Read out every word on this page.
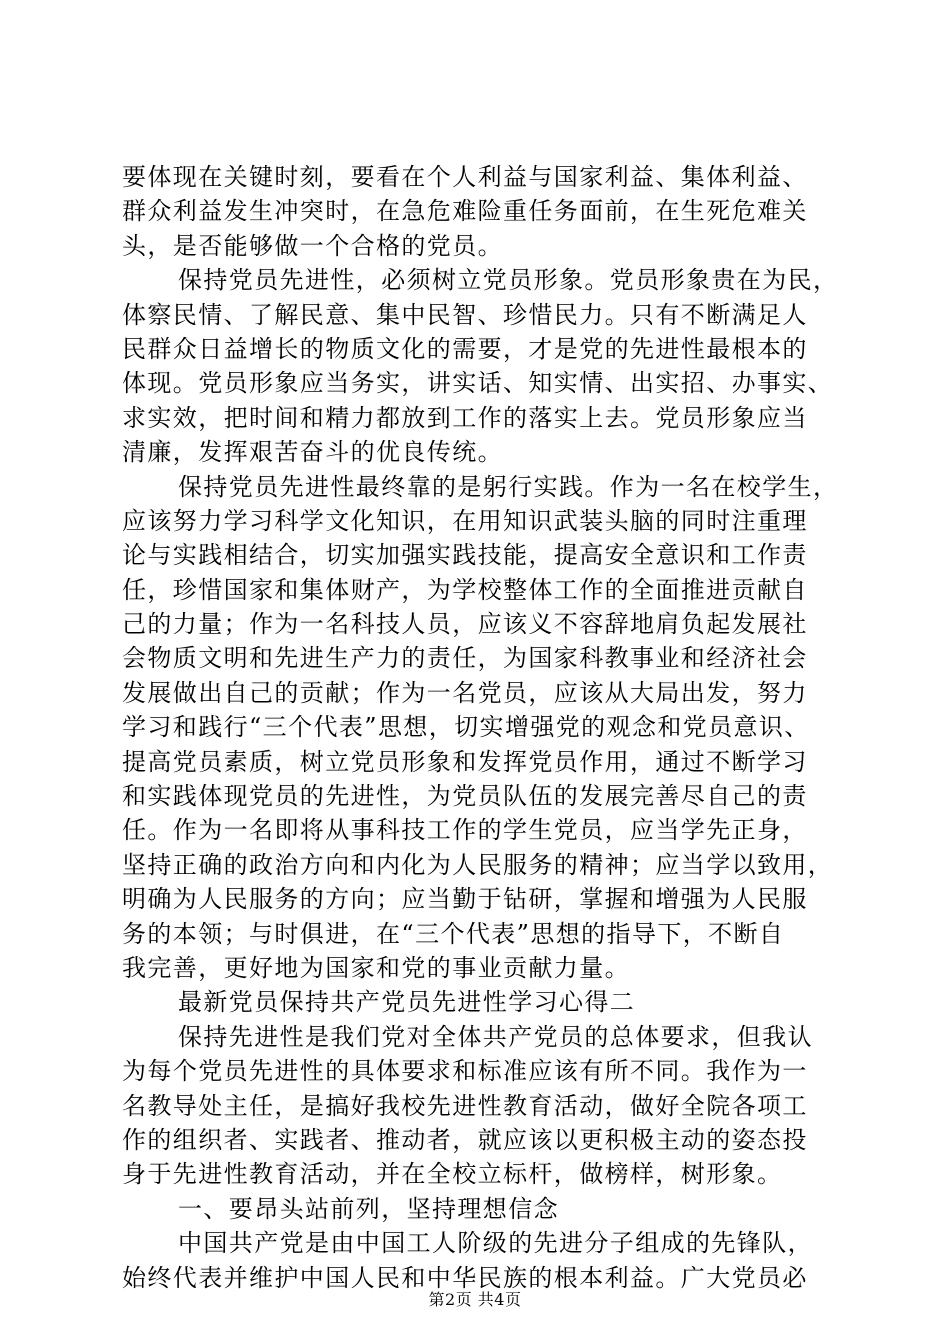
要体现在关键时刻，要看在个人利益与国家利益、集体利益、
群众利益发生冲突时，在急危难险重任务面前，在生死危难关
头，是否能够做一个合格的党员。
保持党员先进性，必须树立党员形象。党员形象贵在为民，
体察民情、了解民意、集中民智、珍惜民力。只有不断满足人
民群众日益增长的物质文化的需要，才是党的先进性最根本的
体现。党员形象应当务实，讲实话、知实情、出实招、办事实、
求实效，把时间和精力都放到工作的落实上去。党员形象应当
清廉，发挥艰苦奋斗的优良传统。
保持党员先进性最终靠的是躬行实践。作为一名在校学生，
应该努力学习科学文化知识，在用知识武装头脑的同时注重理
论与实践相结合，切实加强实践技能，提高安全意识和工作责
任，珍惜国家和集体财产，为学校整体工作的全面推进贡献自
己的力量；作为一名科技人员，应该义不容辞地肩负起发展社
会物质文明和先进生产力的责任，为国家科教事业和经济社会
发展做出自己的贡献；作为一名党员，应该从大局出发，努力
学习和践行“三个代表”思想，切实增强党的观念和党员意识、
提高党员素质，树立党员形象和发挥党员作用，通过不断学习
和实践体现党员的先进性，为党员队伍的发展完善尽自己的责
任。作为一名即将从事科技工作的学生党员，应当学先正身，
坚持正确的政治方向和内化为人民服务的精神；应当学以致用，
明确为人民服务的方向；应当勤于钻研，掌握和增强为人民服
务的本领；与时俱进，在“三个代表”思想的指导下，不断自
我完善，更好地为国家和党的事业贡献力量。
最新党员保持共产党员先进性学习心得二
保持先进性是我们党对全体共产党员的总体要求，但我认
为每个党员先进性的具体要求和标准应该有所不同。我作为一
名教导处主任，是搞好我校先进性教育活动，做好全院各项工
作的组织者、实践者、推动者，就应该以更积极主动的姿态投
身于先进性教育活动，并在全校立标杆，做榜样，树形象。
一、要昂头站前列，坚持理想信念
中国共产党是由中国工人阶级的先进分子组成的先锋队，
始终代表并维护中国人民和中华民族的根本利益。广大党员必
第2页 共4页
